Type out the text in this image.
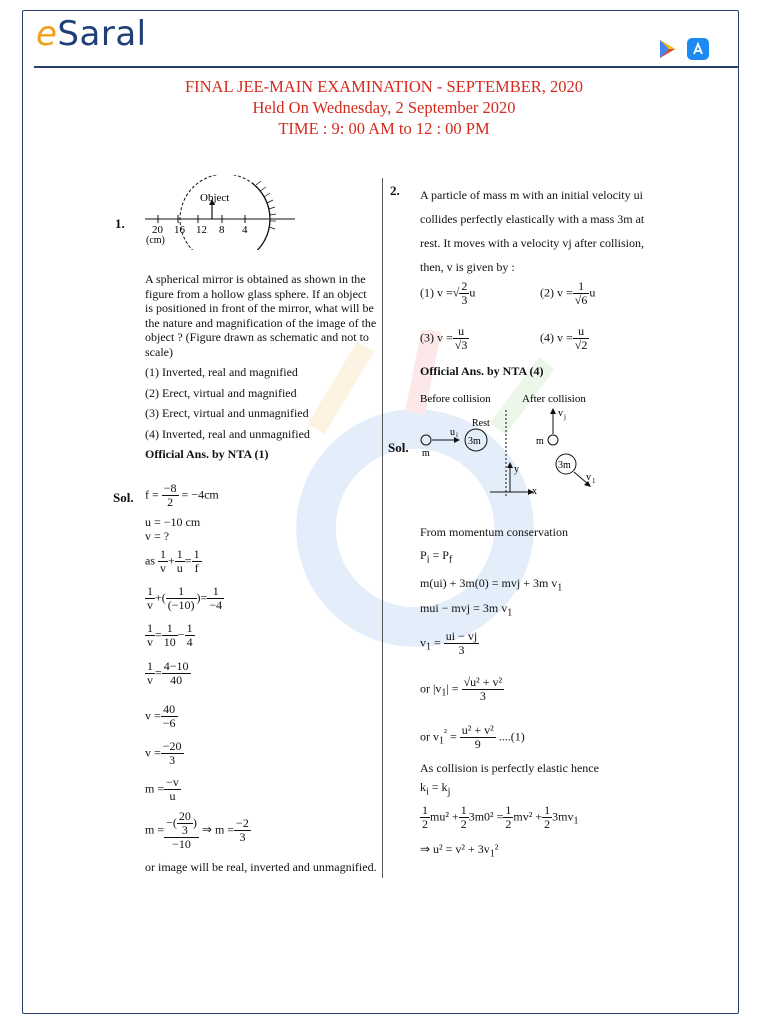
eSaral
FINAL JEE-MAIN EXAMINATION - SEPTEMBER, 2020
Held On Wednesday, 2 September 2020
TIME : 9: 00 AM to 12 : 00 PM
1.
Object
20 16 12 8 4
(cm)
A spherical mirror is obtained as shown in the figure from a hollow glass sphere. If an object is positioned in front of the mirror, what will be the nature and magnification of the image of the object ? (Figure drawn as schematic and not to scale)
(1) Inverted, real and magnified
(2) Erect, virtual and magnified
(3) Erect, virtual and unmagnified
(4) Inverted, real and unmagnified
Official Ans. by NTA (1)
Sol. $f = \frac{-8}{2} = -4cm$
u = −10 cm
v = ?
as $\frac{1}{v} + \frac{1}{u} = \frac{1}{f}$
$\frac{1}{v}$ +( $\frac{1}{(-10)}$ )= $\frac{1}{-4}$
$\frac{1}{v} = \frac{1}{10} - \frac{1}{4}$
$\frac{1}{v} = \frac{4-10}{40}$
$v = \frac{40}{-6}$
$v = \frac{-20}{3}$
$m = \frac{-v}{u}$
$m = \frac{-( \frac{20}{3} )}{-10}$ ⇒ $m = \frac{-2}{3}$
or image will be real, inverted and unmagnified.
2. A particle of mass m with an initial velocity ui
collides perfectly elastically with a mass 3m at
rest. It moves with a velocity vj after collision,
then, v is given by :
(1) v =√ $\frac{2}{3}$ u	(2) $v = \frac{1}{√6}$ u
(3) $v = \frac{u}{√3}$	(4) $v = \frac{u}{√2}$
Official Ans. by NTA (4)
Before collision	After collision
u i
m
3m
Rest
y
x
v j
m
3m
v 1
Sol.
From momentum conservation
$P_i = P_f$
m(ui) + 3m(0) = mvj + 3m $v_1$
mui − mvj = 3m $v_1$
$v_1 = \frac{ui - vj}{3}$
or $|v_1| = \frac{\text{√u² + v²}}{3}$
or $v_1^{^2} = \frac{\text{u² + v²}}{9} ....(1)$
As collision is perfectly elastic hence
$k_i = k_j$
$\frac{1}{2} mu^2 + \frac{1}{2} 3m0^2 = \frac{1}{2} mv^2 + \frac{1}{2} 3mv_1$
⇒ $u^2 = v^2 + 3v_1^2$
